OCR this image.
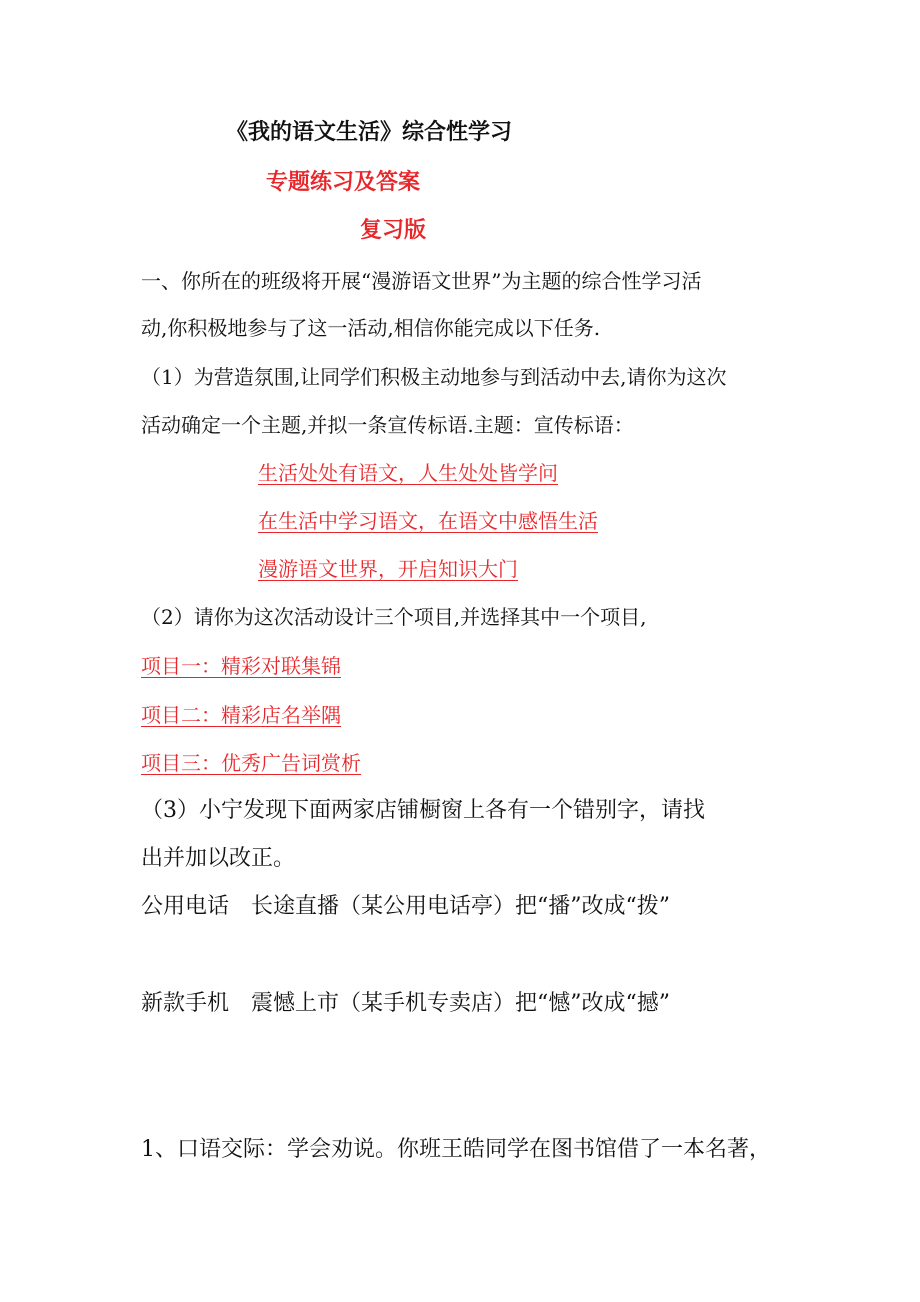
《我的语文生活》综合性学习
专题练习及答案
复习版
一、你所在的班级将开展“漫游语文世界”为主题的综合性学习活
动,你积极地参与了这一活动,相信你能完成以下任务.
（1）为营造氛围,让同学们积极主动地参与到活动中去,请你为这次
活动确定一个主题,并拟一条宣传标语.主题：宣传标语：
生活处处有语文，人生处处皆学问
在生活中学习语文，在语文中感悟生活
漫游语文世界，开启知识大门
（2）请你为这次活动设计三个项目,并选择其中一个项目,
项目一：精彩对联集锦
项目二：精彩店名举隅
项目三：优秀广告词赏析
（3）小宁发现下面两家店铺橱窗上各有一个错别字，请找
出并加以改正。
公用电话　长途直播（某公用电话亭）把“播”改成“拨”
新款手机　震憾上市（某手机专卖店）把“憾”改成“撼”
1、口语交际：学会劝说。你班王皓同学在图书馆借了一本名著，
